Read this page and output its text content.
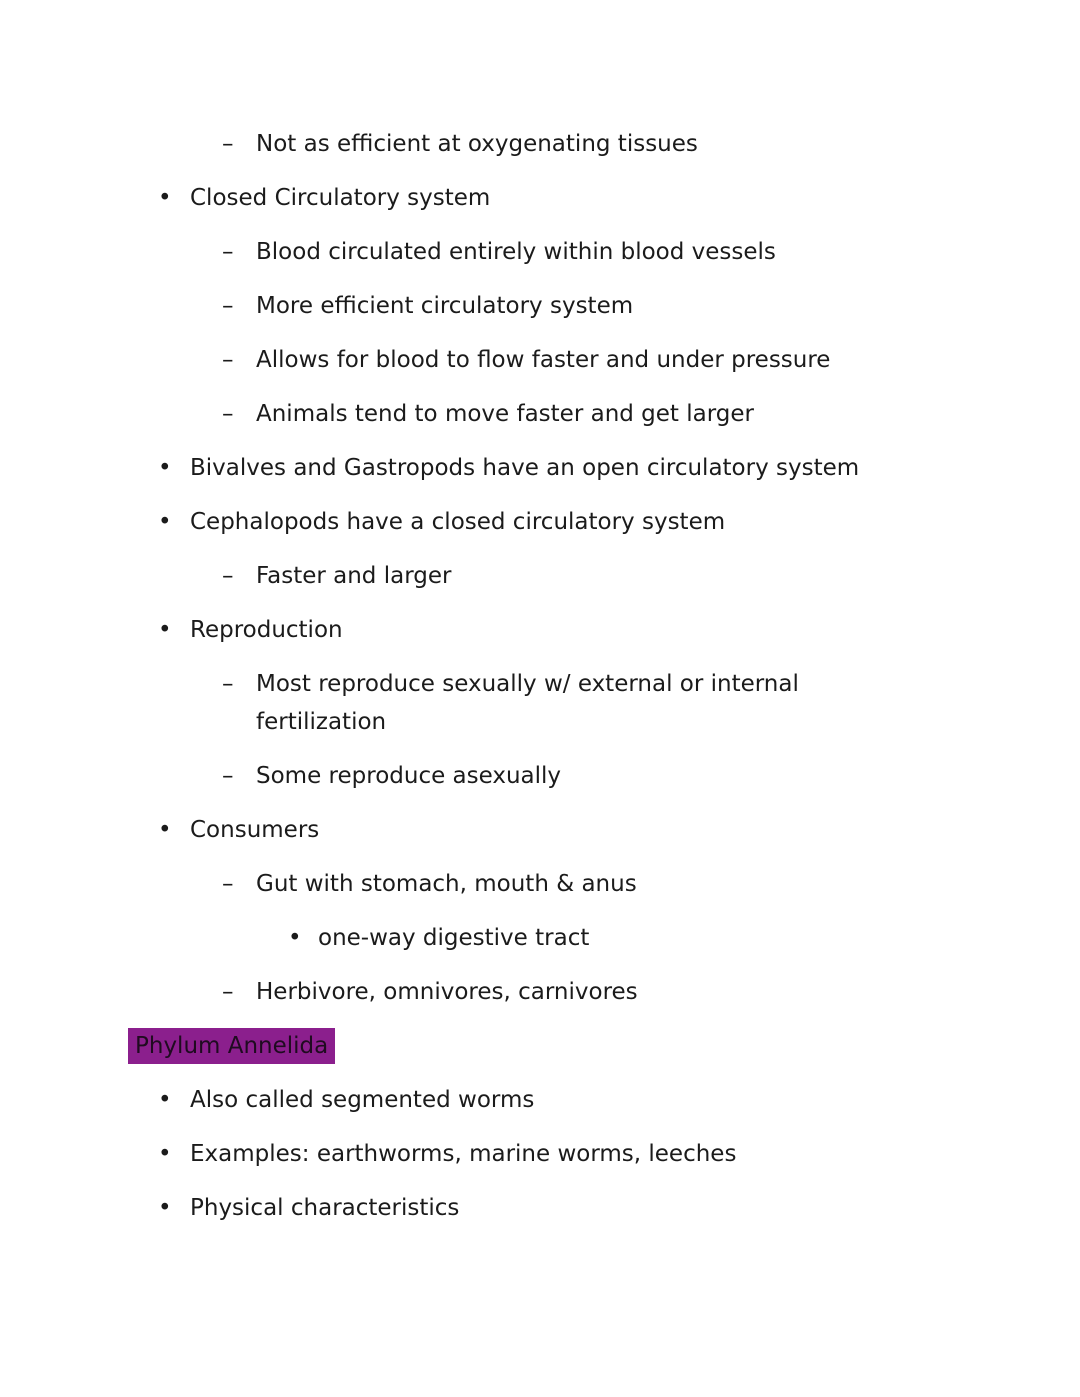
– Not as efficient at oxygenating tissues
• Closed Circulatory system
– Blood circulated entirely within blood vessels
– More efficient circulatory system
– Allows for blood to flow faster and under pressure
– Animals tend to move faster and get larger
• Bivalves and Gastropods have an open circulatory system
• Cephalopods have a closed circulatory system
– Faster and larger
• Reproduction
– Most reproduce sexually w/ external or internal
fertilization
– Some reproduce asexually
• Consumers
– Gut with stomach, mouth & anus
• one-way digestive tract
– Herbivore, omnivores, carnivores
Phylum Annelida
• Also called segmented worms
• Examples: earthworms, marine worms, leeches
• Physical characteristics
